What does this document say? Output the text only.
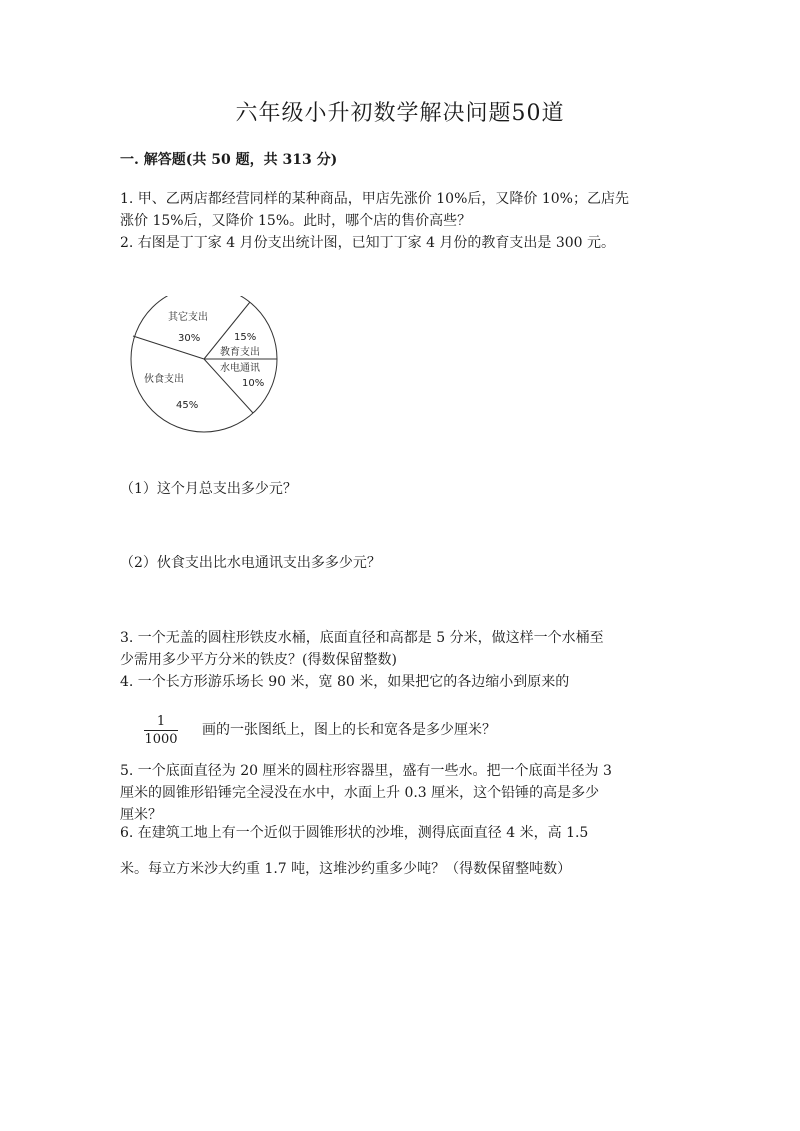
六年级小升初数学解决问题50道
一. 解答题(共 50 题，共 313 分)
1. 甲、乙两店都经营同样的某种商品，甲店先涨价 10%后，又降价 10%；乙店先
涨价 15%后，又降价 15%。此时，哪个店的售价高些？
2. 右图是丁丁家 4 月份支出统计图，已知丁丁家 4 月份的教育支出是 300 元。
其它支出
30%	15%
教育支出
水电通讯
10%
伙食支出
45%
（1）这个月总支出多少元？
（2）伙食支出比水电通讯支出多多少元？
3. 一个无盖的圆柱形铁皮水桶，底面直径和高都是 5 分米，做这样一个水桶至
少需用多少平方分米的铁皮？(得数保留整数)
4. 一个长方形游乐场长 90 米，宽 80 米，如果把它的各边缩小到原来的
1
1000
画的一张图纸上，图上的长和宽各是多少厘米？
5. 一个底面直径为 20 厘米的圆柱形容器里，盛有一些水。把一个底面半径为 3
厘米的圆锥形铅锤完全浸没在水中，水面上升 0.3 厘米，这个铅锤的高是多少
厘米？
6. 在建筑工地上有一个近似于圆锥形状的沙堆，测得底面直径 4 米，高 1.5
米。每立方米沙大约重 1.7 吨，这堆沙约重多少吨？（得数保留整吨数）
